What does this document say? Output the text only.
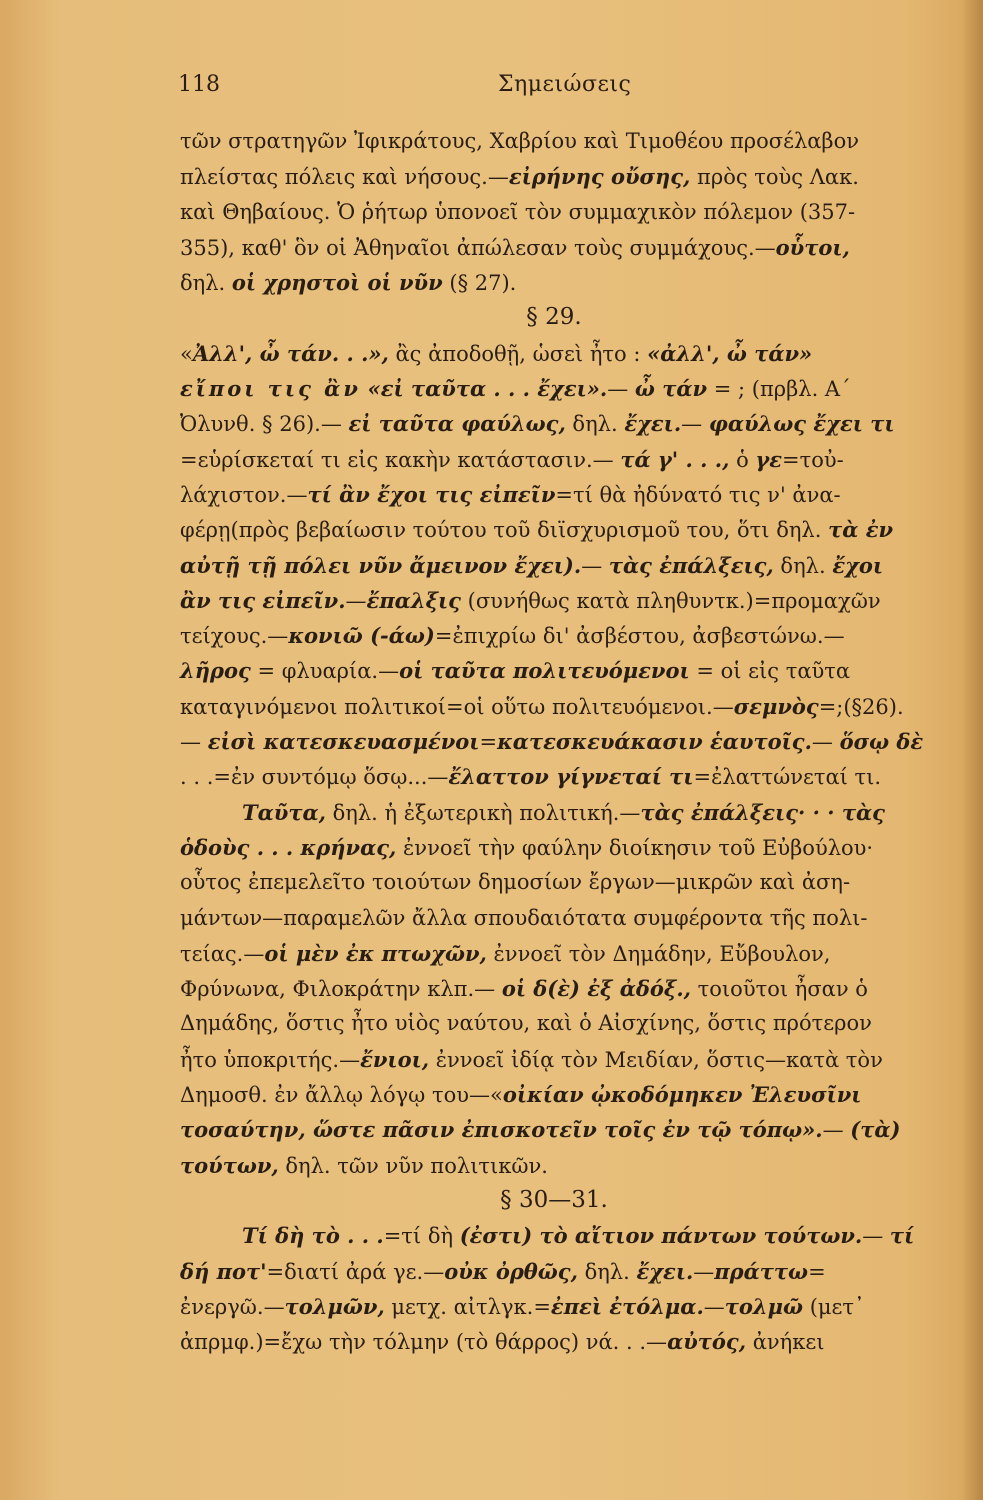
118	Σημειώσεις
τῶν στρατηγῶν Ἰφικράτους, Χαβρίου καὶ Τιμοθέου προσέλαβον
πλείστας πόλεις καὶ νήσους.—εἰρήνης οὔσης, πρὸς τοὺς Λακ.
καὶ Θηβαίους. Ὁ ῥήτωρ ὑπονοεῖ τὸν συμμαχικὸν πόλεμον (357-
355), καθ' ὃν οἱ Ἀθηναῖοι ἀπώλεσαν τοὺς συμμάχους.—οὗτοι,
δηλ. οἱ χρηστοὶ οἱ νῦν (§ 27).
§ 29.
«Ἀλλ', ὦ τάν. . .», ἂς ἀποδοθῇ, ὡσεὶ ἦτο : «ἀλλ', ὦ τάν»
εἴποι τις ἂν «εἰ ταῦτα . . . ἔχει».— ὦ τάν = ; (πρβλ. Α΄
Ὀλυνθ. § 26).— εἰ ταῦτα φαύλως, δηλ. ἔχει.— φαύλως ἔχει τι
=εὑρίσκεταί τι εἰς κακὴν κατάστασιν.— τά γ' . . ., ὁ γε=τοὐ-
λάχιστον.—τί ἂν ἔχοι τις εἰπεῖν=τί θὰ ἠδύνατό τις ν' ἀνα-
φέρῃ(πρὸς βεβαίωσιν τούτου τοῦ διϊσχυρισμοῦ του, ὅτι δηλ. τὰ ἐν
αὐτῇ τῇ πόλει νῦν ἄμεινον ἔχει).— τὰς ἐπάλξεις, δηλ. ἔχοι
ἂν τις εἰπεῖν.—ἔπαλξις (συνήθως κατὰ πληθυντκ.)=προμαχῶν
τείχους.—κονιῶ (-άω)=ἐπιχρίω δι' ἀσβέστου, ἀσβεστώνω.—
λῆρος = φλυαρία.—οἱ ταῦτα πολιτευόμενοι = οἱ εἰς ταῦτα
καταγινόμενοι πολιτικοί=οἱ οὕτω πολιτευόμενοι.—σεμνὸς=;(§26).
— εἰσὶ κατεσκευασμένοι=κατεσκευάκασιν ἑαυτοῖς.— ὅσῳ δὲ
. . .=ἐν συντόμῳ ὅσῳ...—ἔλαττον γίγνεταί τι=ἐλαττώνεταί τι.
Ταῦτα, δηλ. ἡ ἐξωτερικὴ πολιτική.—τὰς ἐπάλξεις· · · τὰς
ὁδοὺς . . . κρήνας, ἐννοεῖ τὴν φαύλην διοίκησιν τοῦ Εὐβούλου·
οὗτος ἐπεμελεῖτο τοιούτων δημοσίων ἔργων—μικρῶν καὶ ἀση-
μάντων—παραμελῶν ἄλλα σπουδαιότατα συμφέροντα τῆς πολι-
τείας.—οἱ μὲν ἐκ πτωχῶν, ἐννοεῖ τὸν Δημάδην, Εὔβουλον,
Φρύνωνα, Φιλοκράτην κλπ.— οἱ δ(ὲ) ἐξ ἀδόξ., τοιοῦτοι ἦσαν ὁ
Δημάδης, ὅστις ἦτο υἱὸς ναύτου, καὶ ὁ Αἰσχίνης, ὅστις πρότερον
ἦτο ὑποκριτής.—ἔνιοι, ἐννοεῖ ἰδίᾳ τὸν Μειδίαν, ὅστις—κατὰ τὸν
Δημοσθ. ἐν ἄλλῳ λόγῳ του—«οἰκίαν ᾠκοδόμηκεν Ἐλευσῖνι
τοσαύτην, ὥστε πᾶσιν ἐπισκοτεῖν τοῖς ἐν τῷ τόπῳ».— (τὰ)
τούτων, δηλ. τῶν νῦν πολιτικῶν.
§ 30—31.
Τί δὴ τὸ . . .=τί δὴ (ἐστι) τὸ αἴτιον πάντων τούτων.— τί
δή ποτ'=διατί ἀρά γε.—οὐκ ὀρθῶς, δηλ. ἔχει.—πράττω=
ἐνεργῶ.—τολμῶν, μετχ. αἰτλγκ.=ἐπεὶ ἐτόλμα.—τολμῶ (μετ᾿
ἀπρμφ.)=ἔχω τὴν τόλμην (τὸ θάρρος) νά. . .—αὐτός, ἀνήκει
